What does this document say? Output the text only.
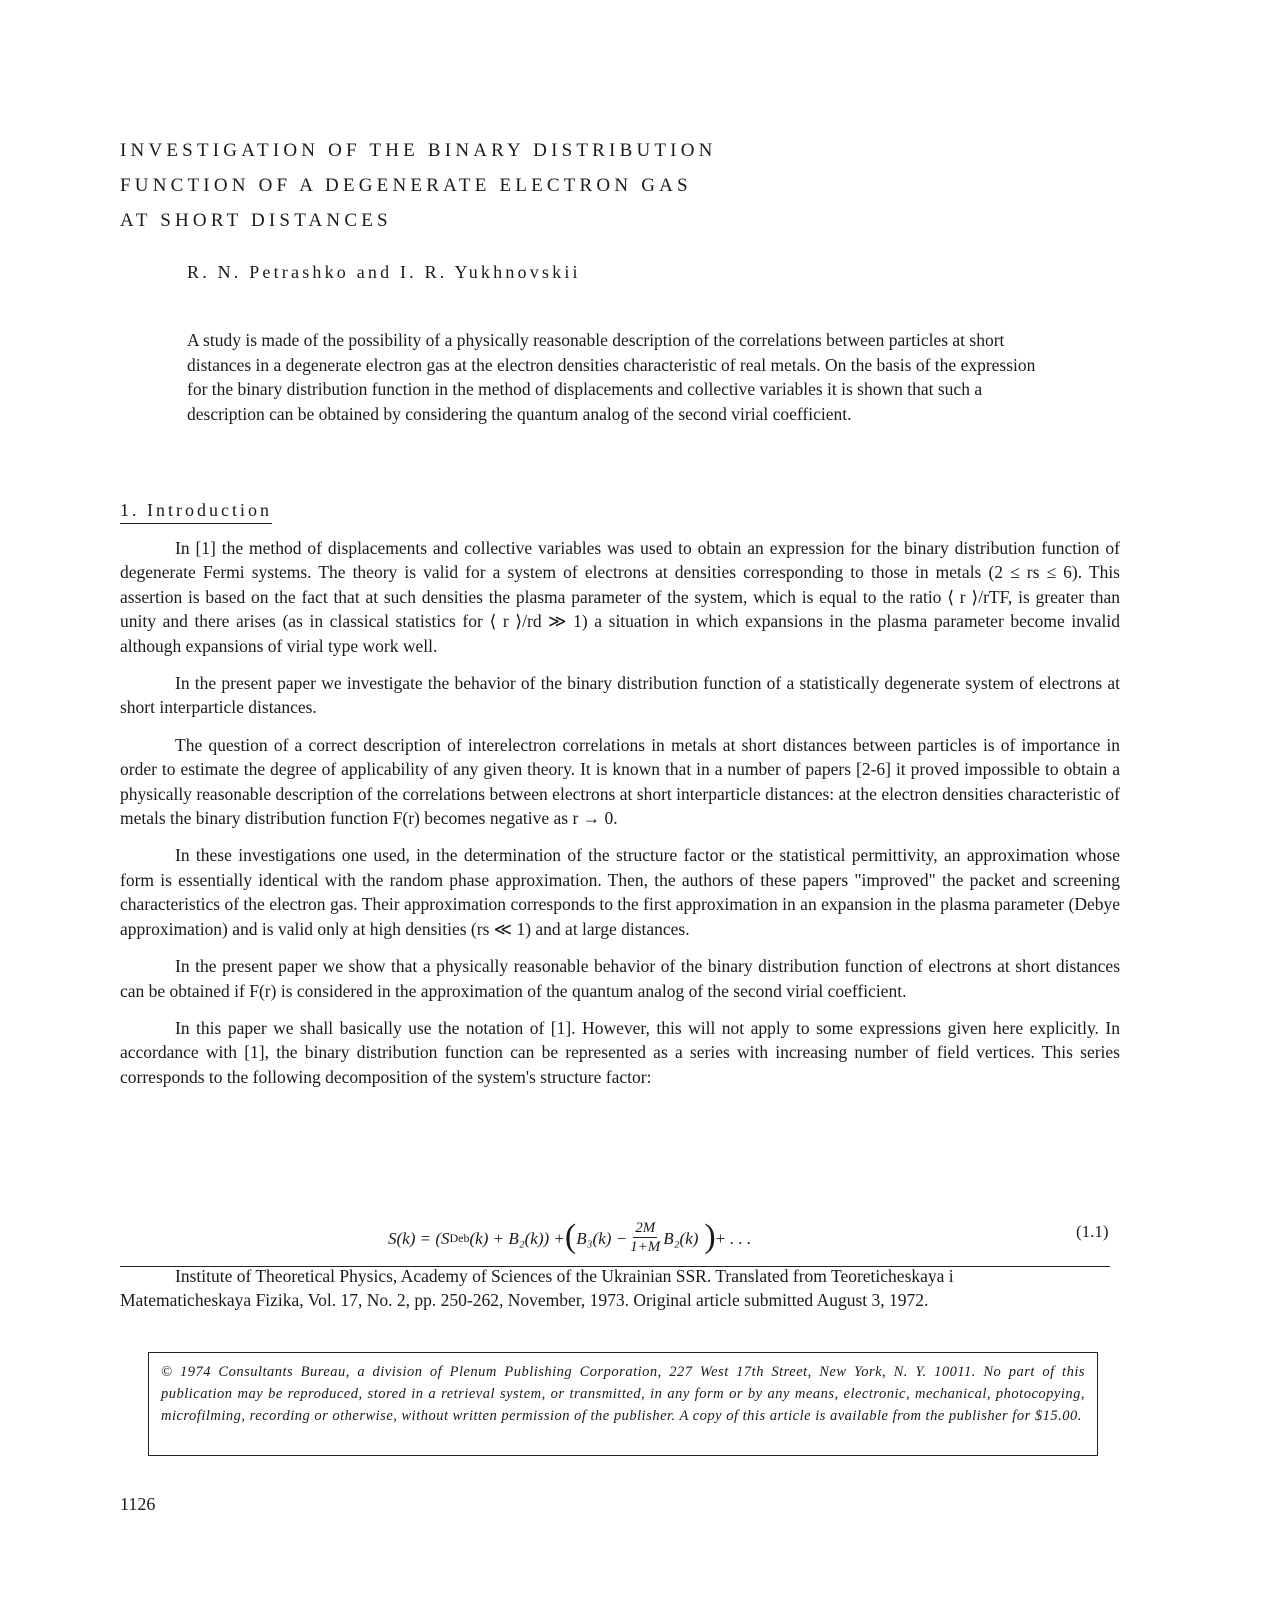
INVESTIGATION OF THE BINARY DISTRIBUTION
FUNCTION OF A DEGENERATE ELECTRON GAS
AT SHORT DISTANCES
R. N. Petrashko and I. R. Yukhnovskii

A study is made of the possibility of a physically reasonable description of the correlations between particles at short distances in a degenerate electron gas at the electron densities characteristic of real metals. On the basis of the expression for the binary distribution function in the method of displacements and collective variables it is shown that such a description can be obtained by considering the quantum analog of the second virial coefficient.

1. Introduction

In [1] the method of displacements and collective variables was used to obtain an expression for the binary distribution function of degenerate Fermi systems. The theory is valid for a system of electrons at densities corresponding to those in metals (2 ≤ rs ≤ 6). This assertion is based on the fact that at such densities the plasma parameter of the system, which is equal to the ratio ⟨ r ⟩/rTF, is greater than unity and there arises (as in classical statistics for ⟨ r ⟩/rd ≫ 1) a situation in which expansions in the plasma parameter become invalid although expansions of virial type work well.

In the present paper we investigate the behavior of the binary distribution function of a statistically degenerate system of electrons at short interparticle distances.

The question of a correct description of interelectron correlations in metals at short distances between particles is of importance in order to estimate the degree of applicability of any given theory. It is known that in a number of papers [2-6] it proved impossible to obtain a physically reasonable description of the correlations between electrons at short interparticle distances: at the electron densities characteristic of metals the binary distribution function F(r) becomes negative as r → 0.

In these investigations one used, in the determination of the structure factor or the statistical permittivity, an approximation whose form is essentially identical with the random phase approximation. Then, the authors of these papers "improved" the packet and screening characteristics of the electron gas. Their approximation corresponds to the first approximation in an expansion in the plasma parameter (Debye approximation) and is valid only at high densities (rs ≪ 1) and at large distances.

In the present paper we show that a physically reasonable behavior of the binary distribution function of electrons at short distances can be obtained if F(r) is considered in the approximation of the quantum analog of the second virial coefficient.

In this paper we shall basically use the notation of [1]. However, this will not apply to some expressions given here explicitly. In accordance with [1], the binary distribution function can be represented as a series with increasing number of field vertices. This series corresponds to the following decomposition of the system's structure factor:

S(k) = (S Deb (k) + B₂(k)) + ( $B_3(k) - \frac{2M}{1+M} B_2(k)$ ) + . . .	(1.1)

Institute of Theoretical Physics, Academy of Sciences of the Ukrainian SSR. Translated from Teoreticheskaya i Matematicheskaya Fizika, Vol. 17, No. 2, pp. 250-262, November, 1973. Original article submitted August 3, 1972.

© 1974 Consultants Bureau, a division of Plenum Publishing Corporation, 227 West 17th Street, New York, N. Y. 10011. No part of this publication may be reproduced, stored in a retrieval system, or transmitted, in any form or by any means, electronic, mechanical, photocopying, microfilming, recording or otherwise, without written permission of the publisher. A copy of this article is available from the publisher for $15.00.

1126
